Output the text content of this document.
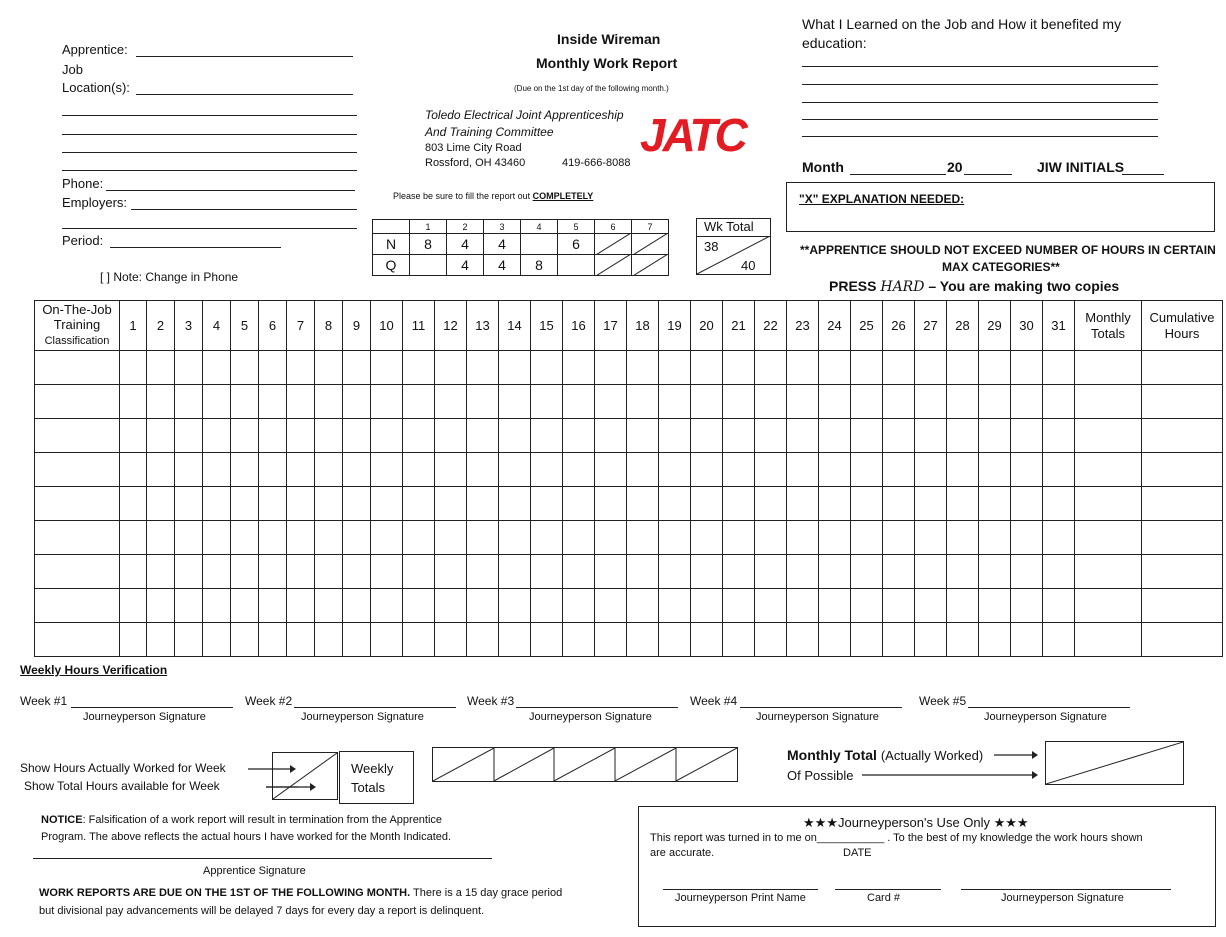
Apprentice:
Job
Location(s):
Phone:
Employers:
Period:
[ ] Note: Change in Phone
Inside Wireman
Monthly Work Report
(Due on the 1st day of the following month.)
Toledo Electrical Joint Apprenticeship
And Training Committee
803 Lime City Road
Rossford, OH 43460	419-666-8088
JATC
Please be sure to fill the report out COMPLETELY
	1	2	3	4	5	6	7
N	8	4	4		6		
Q		4	4	8			
Wk Total
38
40
What I Learned on the Job and How it benefited my
education:
Month	20	JIW INITIALS
"X" EXPLANATION NEEDED:
**APPRENTICE SHOULD NOT EXCEED NUMBER OF HOURS IN CERTAIN
MAX CATEGORIES**
PRESS HARD – You are making two copies
On-The-Job Training
Classification	1	2	3	4	5	6	7	8	9	10	11	12	13	14	15	16	17	18	19	20	21	22	23	24	25	26	27	28	29	30	31	Monthly Totals	Cumulative Hours

Weekly Hours Verification
Week #1
Journeyperson Signature
Week #2
Journeyperson Signature
Week #3
Journeyperson Signature
Week #4
Journeyperson Signature
Week #5
Journeyperson Signature
Show Hours Actually Worked for Week
Show Total Hours available for Week
Weekly
Totals
Monthly Total (Actually Worked)
Of Possible
NOTICE: Falsification of a work report will result in termination from the Apprentice
Program. The above reflects the actual hours I have worked for the Month Indicated.
Apprentice Signature
WORK REPORTS ARE DUE ON THE 1ST OF THE FOLLOWING MONTH. There is a 15 day grace period
but divisional pay advancements will be delayed 7 days for every day a report is delinquent.
★★★Journeyperson's Use Only ★★★
This report was turned in to me on___________ . To the best of my knowledge the work hours shown
are accurate.	DATE
Journeyperson Print Name	Card #	Journeyperson Signature
